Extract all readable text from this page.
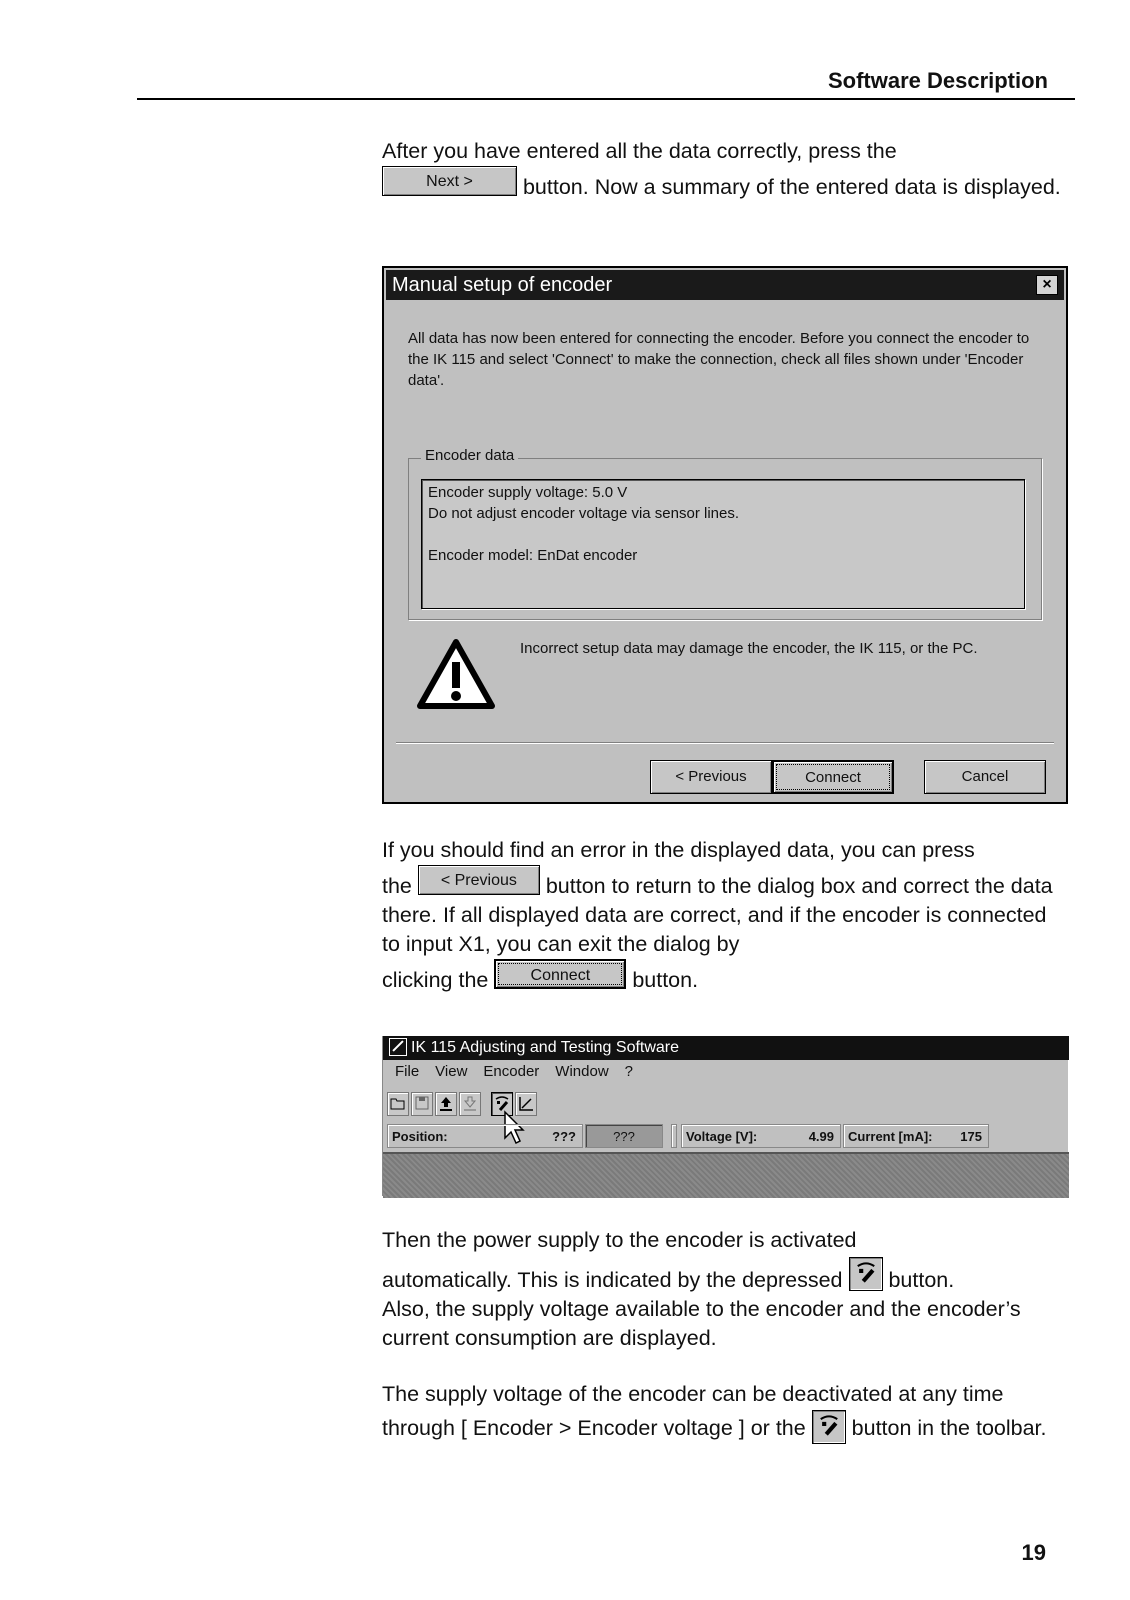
Software Description
After you have entered all the data correctly, press the
Next > button. Now a summary of the entered data is displayed.
Manual setup of encoder	×
All data has now been entered for connecting the encoder. Before you connect the encoder to the IK 115 and select 'Connect' to make the connection, check all files shown under 'Encoder data'.
Encoder data
Encoder supply voltage: 5.0 V
Do not adjust encoder voltage via sensor lines.
Encoder model: EnDat encoder
Incorrect setup data may damage the encoder, the IK 115, or the PC.
< Previous	Connect	Cancel
If you should find an error in the displayed data, you can press
the < Previous button to return to the dialog box and correct the data there. If all displayed data are correct, and if the encoder is connected to input X1, you can exit the dialog by
clicking the Connect button.
IK 115 Adjusting and Testing Software
File View Encoder Window ?
Position:	???	???	Voltage [V]:	4.99	Current [mA]: 175
Then the power supply to the encoder is activated
automatically. This is indicated by the depressed
button.
Also, the supply voltage available to the encoder and the encoder’s current consumption are displayed.
The supply voltage of the encoder can be deactivated at any time through [ Encoder > Encoder voltage ] or the
button in the toolbar.
19
